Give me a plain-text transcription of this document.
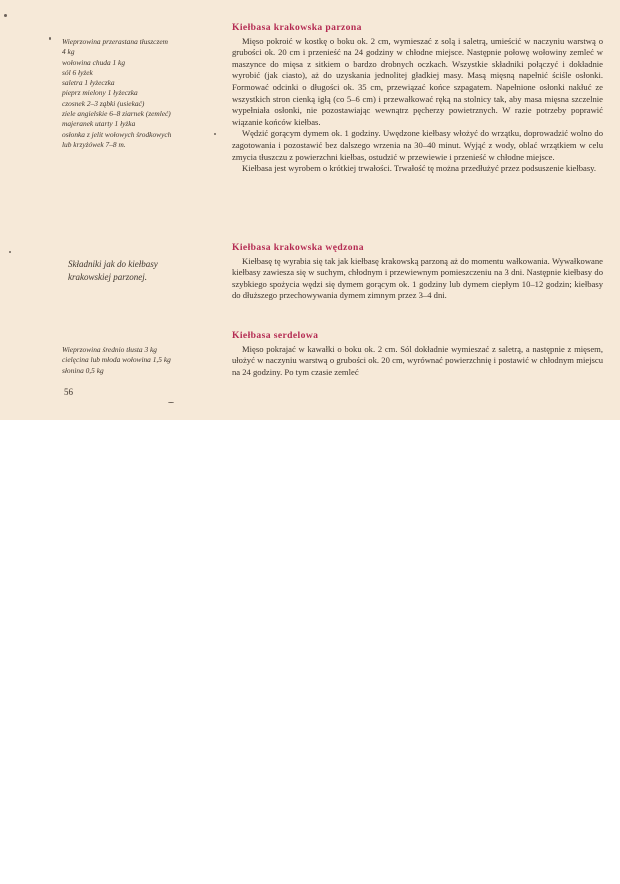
Wieprzowina przerastana tłuszczem
4 kg
wołowina chuda 1 kg
sól 6 łyżek
saletra 1 łyżeczka
pieprz mielony 1 łyżeczka
czosnek 2–3 ząbki (usiekać)
ziele angielskie 6–8 ziarnek (zemleć)
majeranek utarty 1 łyżka
osłonka z jelit wołowych środkowych
lub krzyżówek 7–8 m.
Składniki jak do kiełbasy
krakowskiej parzonej.
Wieprzowina średnio tłusta 3 kg
cielęcina lub młoda wołowina 1,5 kg
słonina 0,5 kg
56
Kiełbasa krakowska parzona

Mięso pokroić w kostkę o boku ok. 2 cm, wymieszać z solą i saletrą, umieścić w naczyniu warstwą o grubości ok. 20 cm i przenieść na 24 godziny w chłodne miejsce. Następnie połowę wołowiny zemleć w maszynce do mięsa z sitkiem o bardzo drobnych oczkach. Wszystkie składniki połączyć i dokładnie wyrobić (jak ciasto), aż do uzyskania jednolitej gładkiej masy. Masą mięsną napełnić ściśle osłonki. Formować odcinki o długości ok. 35 cm, przewiązać końce szpagatem. Napełnione osłonki nakłuć ze wszystkich stron cienką igłą (co 5–6 cm) i przewałkować ręką na stolnicy tak, aby masa mięsna szczelnie wypełniała osłonki, nie pozostawiając wewnątrz pęcherzy powietrznych. W razie potrzeby poprawić wiązanie końców kiełbas.

Wędzić gorącym dymem ok. 1 godziny. Uwędzone kiełbasy włożyć do wrzątku, doprowadzić wolno do zagotowania i pozostawić bez dalszego wrzenia na 30–40 minut. Wyjąć z wody, oblać wrzątkiem w celu zmycia tłuszczu z powierzchni kiełbas, ostudzić w przewiewie i przenieść w chłodne miejsce.

Kiełbasa jest wyrobem o krótkiej trwałości. Trwałość tę można przedłużyć przez podsuszenie kiełbasy.

Kiełbasa krakowska wędzona

Kiełbasę tę wyrabia się tak jak kiełbasę krakowską parzoną aż do momentu wałkowania. Wywałkowane kiełbasy zawiesza się w suchym, chłodnym i przewiewnym pomieszczeniu na 3 dni. Następnie kiełbasy do szybkiego spożycia wędzi się dymem gorącym ok. 1 godziny lub dymem ciepłym 10–12 godzin; kiełbasy do dłuższego przechowywania dymem zimnym przez 3–4 dni.

Kiełbasa serdelowa

Mięso pokrajać w kawałki o boku ok. 2 cm. Sól dokładnie wymieszać z saletrą, a następnie z mięsem, ułożyć w naczyniu warstwą o grubości ok. 20 cm, wyrównać powierzchnię i postawić w chłodnym miejscu na 24 godziny. Po tym czasie zemleć
